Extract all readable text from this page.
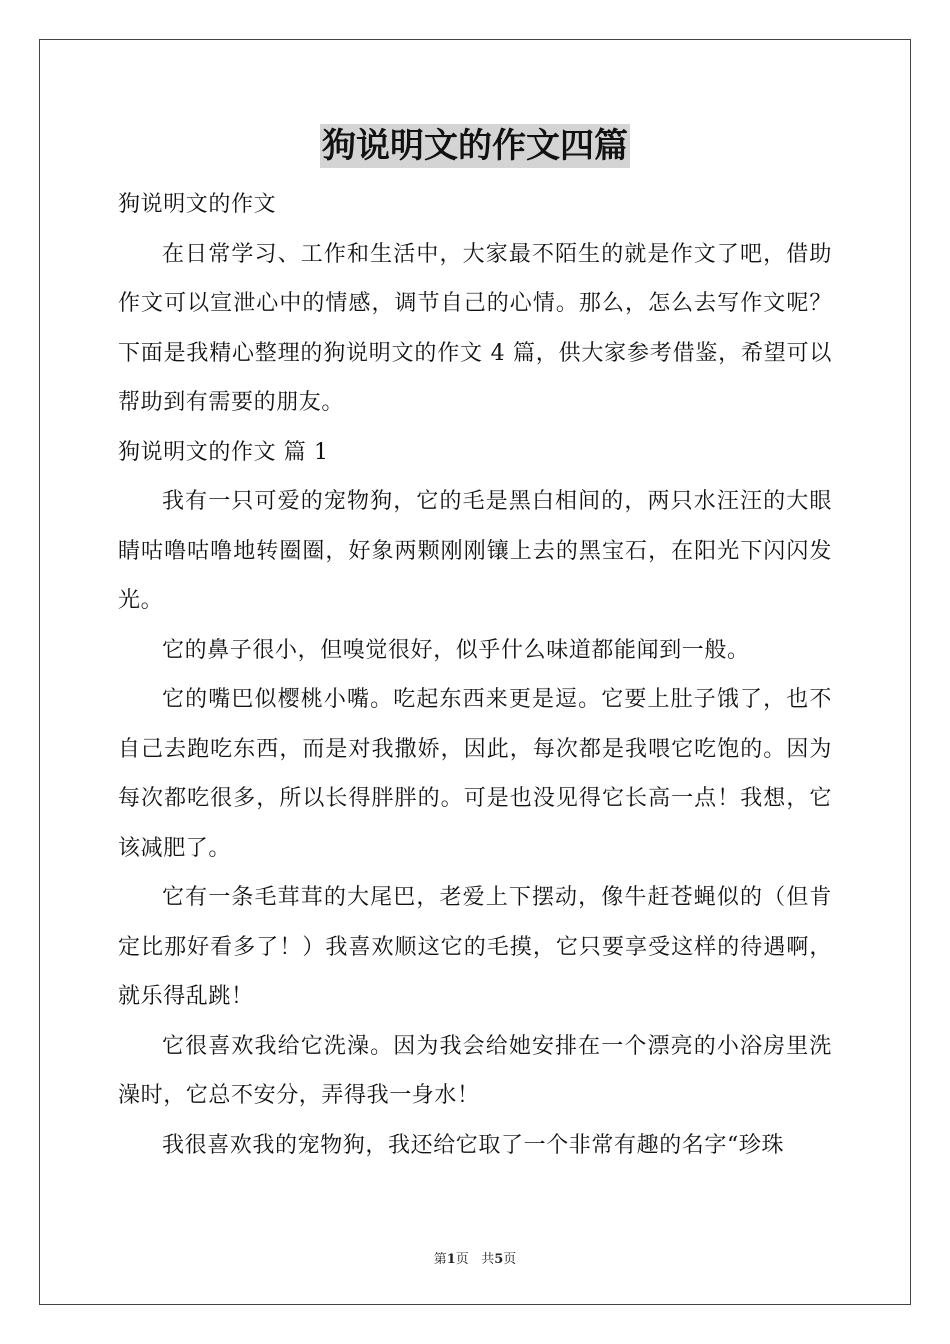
狗说明文的作文四篇

狗说明文的作文

在日常学习、工作和生活中，大家最不陌生的就是作文了吧，借助作文可以宣泄心中的情感，调节自己的心情。那么，怎么去写作文呢？下面是我精心整理的狗说明文的作文 4 篇，供大家参考借鉴，希望可以帮助到有需要的朋友。

狗说明文的作文 篇 1

我有一只可爱的宠物狗，它的毛是黑白相间的，两只水汪汪的大眼睛咕噜咕噜地转圈圈，好象两颗刚刚镶上去的黑宝石，在阳光下闪闪发光。

它的鼻子很小，但嗅觉很好，似乎什么味道都能闻到一般。

它的嘴巴似樱桃小嘴。吃起东西来更是逗。它要上肚子饿了，也不自己去跑吃东西，而是对我撒娇，因此，每次都是我喂它吃饱的。因为每次都吃很多，所以长得胖胖的。可是也没见得它长高一点！我想，它该减肥了。

它有一条毛茸茸的大尾巴，老爱上下摆动，像牛赶苍蝇似的（但肯定比那好看多了！）我喜欢顺这它的毛摸，它只要享受这样的待遇啊，就乐得乱跳！

它很喜欢我给它洗澡。因为我会给她安排在一个漂亮的小浴房里洗澡时，它总不安分，弄得我一身水！

我很喜欢我的宠物狗，我还给它取了一个非常有趣的名字“珍珠

第1页 共5页
